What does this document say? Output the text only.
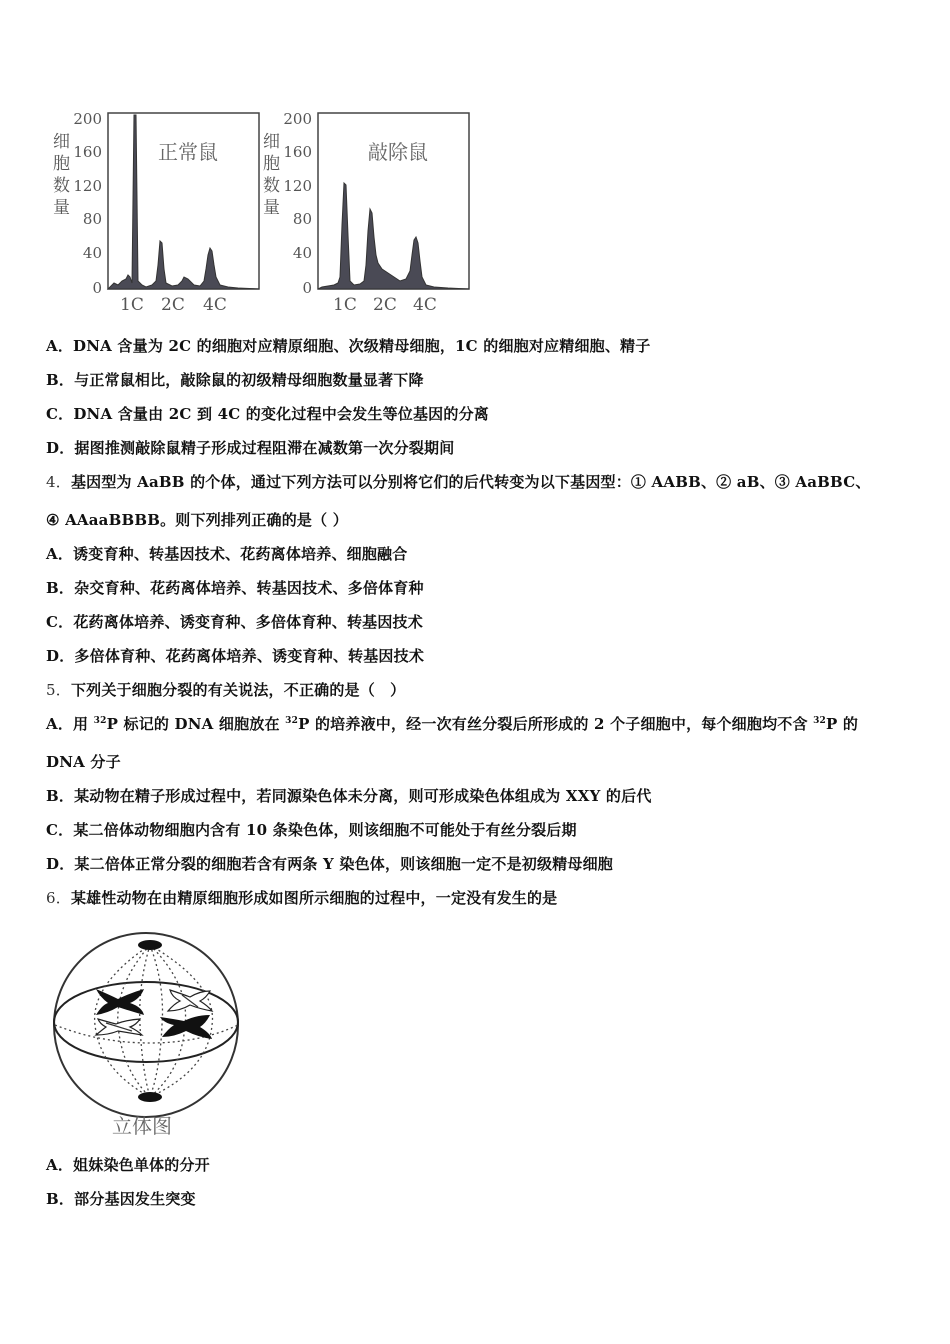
细
胞
数
量
200
160
120
80
40
0
正常鼠
1C 2C 4C
细
胞
数
量
200
160
120
80
40
0
敲除鼠
1C 2C 4C
A．DNA 含量为 2C 的细胞对应精原细胞、次级精母细胞，1C 的细胞对应精细胞、精子
B．与正常鼠相比，敲除鼠的初级精母细胞数量显著下降
C．DNA 含量由 2C 到 4C 的变化过程中会发生等位基因的分离
D．据图推测敲除鼠精子形成过程阻滞在减数第一次分裂期间
4．基因型为 AaBB 的个体，通过下列方法可以分别将它们的后代转变为以下基因型：① AABB、② aB、③ AaBBC、
④ AAaaBBBB。则下列排列正确的是（ ）
A．诱变育种、转基因技术、花药离体培养、细胞融合
B．杂交育种、花药离体培养、转基因技术、多倍体育种
C．花药离体培养、诱变育种、多倍体育种、转基因技术
D．多倍体育种、花药离体培养、诱变育种、转基因技术
5．下列关于细胞分裂的有关说法，不正确的是（　）
A．用 $^{32}$P 标记的 DNA 细胞放在 $^{32}$P 的培养液中，经一次有丝分裂后所形成的 2 个子细胞中，每个细胞均不含 $^{32}$P 的
DNA 分子
B．某动物在精子形成过程中，若同源染色体未分离，则可形成染色体组成为 XXY 的后代
C．某二倍体动物细胞内含有 10 条染色体，则该细胞不可能处于有丝分裂后期
D．某二倍体正常分裂的细胞若含有两条 Y 染色体，则该细胞一定不是初级精母细胞
6．某雄性动物在由精原细胞形成如图所示细胞的过程中，一定没有发生的是
立体图
A．姐妹染色单体的分开
B．部分基因发生突变
